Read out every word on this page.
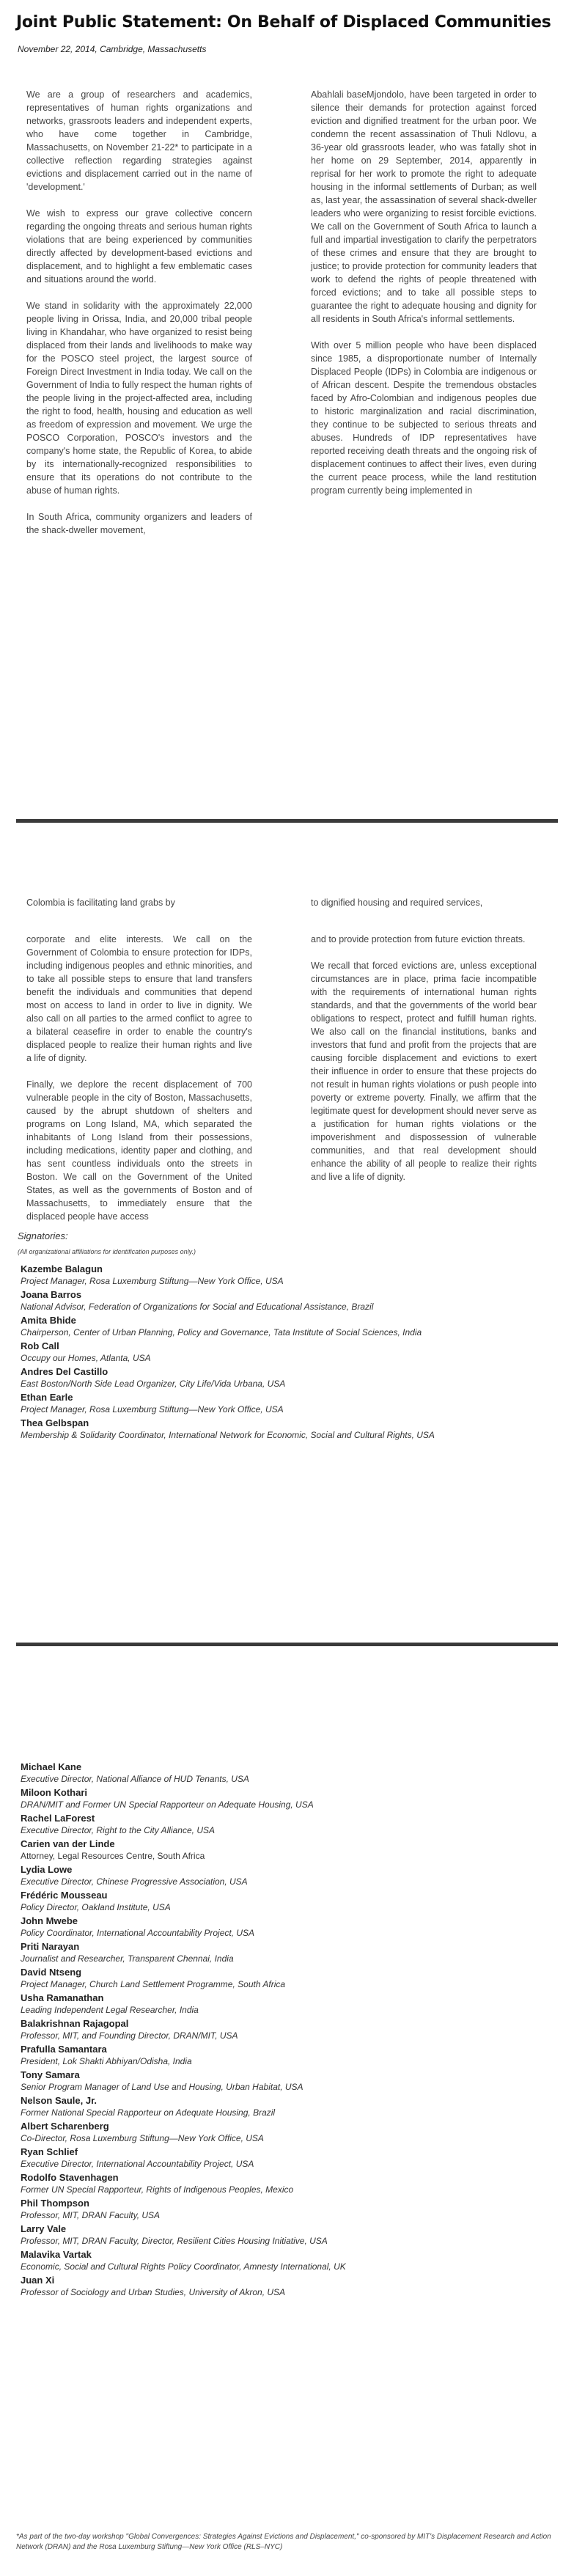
Joint Public Statement: On Behalf of Displaced Communities
November 22, 2014, Cambridge, Massachusetts

We are a group of researchers and academics, representatives of human rights organizations and networks, grassroots leaders and independent experts, who have come together in Cambridge, Massachusetts, on November 21-22* to participate in a collective reflection regarding strategies against evictions and displacement carried out in the name of 'development.'

We wish to express our grave collective concern regarding the ongoing threats and serious human rights violations that are being experienced by communities directly affected by development-based evictions and displacement, and to highlight a few emblematic cases and situations around the world.

We stand in solidarity with the approximately 22,000 people living in Orissa, India, and 20,000 tribal people living in Khandahar, who have organized to resist being displaced from their lands and livelihoods to make way for the POSCO steel project, the largest source of Foreign Direct Investment in India today. We call on the Government of India to fully respect the human rights of the people living in the project-affected area, including the right to food, health, housing and education as well as freedom of expression and movement. We urge the POSCO Corporation, POSCO's investors and the company's home state, the Republic of Korea, to abide by its internationally-recognized responsibilities to ensure that its operations do not contribute to the abuse of human rights.

In South Africa, community organizers and leaders of the shack-dweller movement,

Abahlali baseMjondolo, have been targeted in order to silence their demands for protection against forced eviction and dignified treatment for the urban poor. We condemn the recent assassination of Thuli Ndlovu, a 36-year old grassroots leader, who was fatally shot in her home on 29 September, 2014, apparently in reprisal for her work to promote the right to adequate housing in the informal settlements of Durban; as well as, last year, the assassination of several shack-dweller leaders who were organizing to resist forcible evictions. We call on the Government of South Africa to launch a full and impartial investigation to clarify the perpetrators of these crimes and ensure that they are brought to justice; to provide protection for community leaders that work to defend the rights of people threatened with forced evictions; and to take all possible steps to guarantee the right to adequate housing and dignity for all residents in South Africa's informal settlements.

With over 5 million people who have been displaced since 1985, a disproportionate number of Internally Displaced People (IDPs) in Colombia are indigenous or of African descent. Despite the tremendous obstacles faced by Afro-Colombian and indigenous peoples due to historic marginalization and racial discrimination, they continue to be subjected to serious threats and abuses. Hundreds of IDP representatives have reported receiving death threats and the ongoing risk of displacement continues to affect their lives, even during the current peace process, while the land restitution program currently being implemented in

Colombia is facilitating land grabs by	to dignified housing and required services,

corporate and elite interests. We call on the Government of Colombia to ensure protection for IDPs, including indigenous peoples and ethnic minorities, and to take all possible steps to ensure that land transfers benefit the individuals and communities that depend most on access to land in order to live in dignity. We also call on all parties to the armed conflict to agree to a bilateral ceasefire in order to enable the country's displaced people to realize their human rights and live a life of dignity.

Finally, we deplore the recent displacement of 700 vulnerable people in the city of Boston, Massachusetts, caused by the abrupt shutdown of shelters and programs on Long Island, MA, which separated the inhabitants of Long Island from their possessions, including medications, identity paper and clothing, and has sent countless individuals onto the streets in Boston. We call on the Government of the United States, as well as the governments of Boston and of Massachusetts, to immediately ensure that the displaced people have access

and to provide protection from future eviction threats.

We recall that forced evictions are, unless exceptional circumstances are in place, prima facie incompatible with the requirements of international human rights standards, and that the governments of the world bear obligations to respect, protect and fulfill human rights. We also call on the financial institutions, banks and investors that fund and profit from the projects that are causing forcible displacement and evictions to exert their influence in order to ensure that these projects do not result in human rights violations or push people into poverty or extreme poverty. Finally, we affirm that the legitimate quest for development should never serve as a justification for human rights violations or the impoverishment and dispossession of vulnerable communities, and that real development should enhance the ability of all people to realize their rights and live a life of dignity.

Signatories:
(All organizational affiliations for identification purposes only.)
Kazembe Balagun
Project Manager, Rosa Luxemburg Stiftung—New York Office, USA
Joana Barros
National Advisor, Federation of Organizations for Social and Educational Assistance, Brazil
Amita Bhide
Chairperson, Center of Urban Planning, Policy and Governance, Tata Institute of Social Sciences, India
Rob Call
Occupy our Homes, Atlanta, USA
Andres Del Castillo
East Boston/North Side Lead Organizer, City Life/Vida Urbana, USA
Ethan Earle
Project Manager, Rosa Luxemburg Stiftung—New York Office, USA
Thea Gelbspan
Membership & Solidarity Coordinator, International Network for Economic, Social and Cultural Rights, USA
Michael Kane
Executive Director, National Alliance of HUD Tenants, USA
Miloon Kothari
DRAN/MIT and Former UN Special Rapporteur on Adequate Housing, USA
Rachel LaForest
Executive Director, Right to the City Alliance, USA
Carien van der Linde
Attorney, Legal Resources Centre, South Africa
Lydia Lowe
Executive Director, Chinese Progressive Association, USA
Frédéric Mousseau
Policy Director, Oakland Institute, USA
John Mwebe
Policy Coordinator, International Accountability Project, USA
Priti Narayan
Journalist and Researcher, Transparent Chennai, India
David Ntseng
Project Manager, Church Land Settlement Programme, South Africa
Usha Ramanathan
Leading Independent Legal Researcher, India
Balakrishnan Rajagopal
Professor, MIT, and Founding Director, DRAN/MIT, USA
Prafulla Samantara
President, Lok Shakti Abhiyan/Odisha, India
Tony Samara
Senior Program Manager of Land Use and Housing, Urban Habitat, USA
Nelson Saule, Jr.
Former National Special Rapporteur on Adequate Housing, Brazil
Albert Scharenberg
Co-Director, Rosa Luxemburg Stiftung—New York Office, USA
Ryan Schlief
Executive Director, International Accountability Project, USA
Rodolfo Stavenhagen
Former UN Special Rapporteur, Rights of Indigenous Peoples, Mexico
Phil Thompson
Professor, MIT, DRAN Faculty, USA
Larry Vale
Professor, MIT, DRAN Faculty, Director, Resilient Cities Housing Initiative, USA
Malavika Vartak
Economic, Social and Cultural Rights Policy Coordinator, Amnesty International, UK
Juan Xi
Professor of Sociology and Urban Studies, University of Akron, USA
*As part of the two-day workshop "Global Convergences: Strategies Against Evictions and Displacement," co-sponsored by MIT's Displacement Research and Action Network (DRAN) and the Rosa Luxemburg Stiftung—New York Office (RLS–NYC)
